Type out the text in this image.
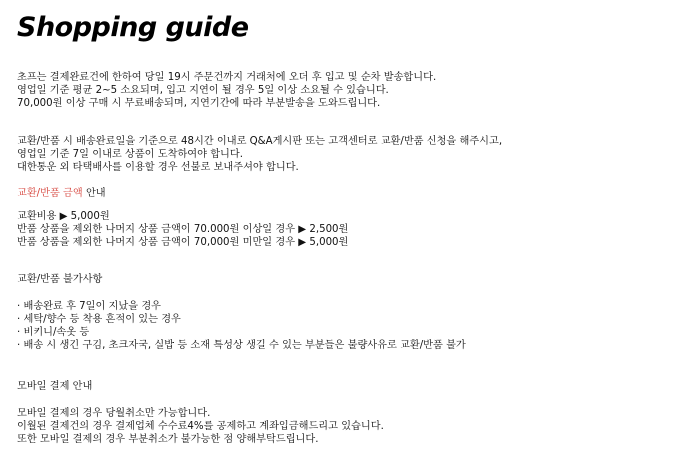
Shopping guide

초프는 결제완료건에 한하여 당일 19시 주문건까지 거래처에 오더 후 입고 및 순차 발송합니다.

영업일 기준 평균 2~5 소요되며, 입고 지연이 될 경우 5일 이상 소요될 수 있습니다.

70,000원 이상 구매 시 무료배송되며, 지연기간에 따라 부분발송을 도와드립니다.

교환/반품 시 배송완료일을 기준으로 48시간 이내로 Q&A게시판 또는 고객센터로 교환/반품 신청을 해주시고,

영업일 기준 7일 이내로 상품이 도착하여야 합니다.

대한통운 외 타택배사를 이용할 경우 선불로 보내주셔야 합니다.

교환/반품 금액 안내

교환비용 ▶ 5,000원

반품 상품을 제외한 나머지 상품 금액이 70.000원 이상일 경우 ▶ 2,500원

반품 상품을 제외한 나머지 상품 금액이 70,000원 미만일 경우 ▶ 5,000원

교환/반품 불가사항

· 배송완료 후 7일이 지났을 경우

· 세탁/향수 등 착용 흔적이 있는 경우

· 비키니/속옷 등

· 배송 시 생긴 구김, 초크자국, 실밥 등 소재 특성상 생길 수 있는 부분들은 불량사유로 교환/반품 불가

모바일 결제 안내

모바일 결제의 경우 당월취소만 가능합니다.

이월된 결제건의 경우 결제업체 수수료4%를 공제하고 계좌입금해드리고 있습니다.

또한 모바일 결제의 경우 부분취소가 불가능한 점 양해부탁드립니다.
